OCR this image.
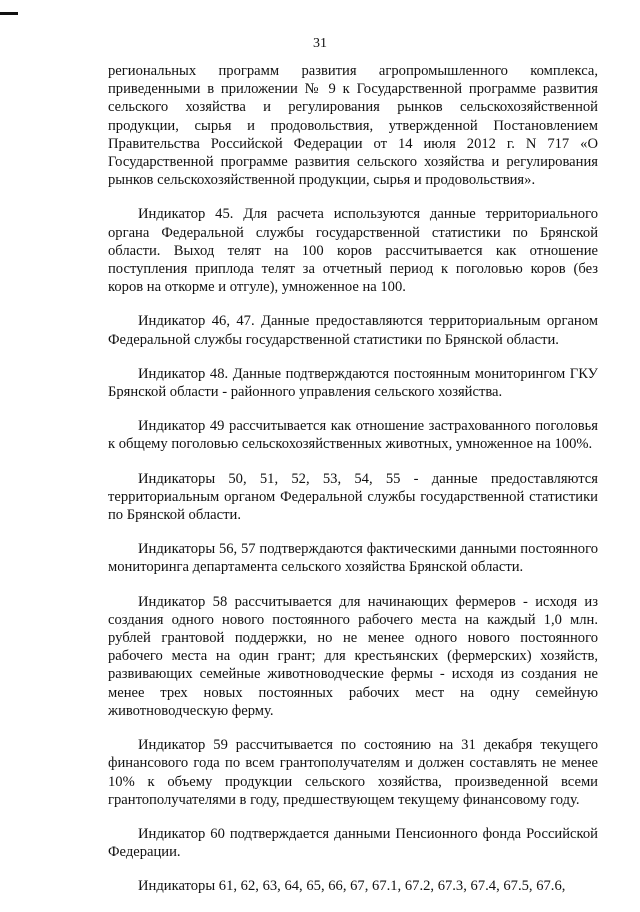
31

региональных программ развития агропромышленного комплекса, приведенными в приложении № 9 к Государственной программе развития сельского хозяйства и регулирования рынков сельскохозяйственной продукции, сырья и продовольствия, утвержденной Постановлением Правительства Российской Федерации от 14 июля 2012 г. N 717 «О Государственной программе развития сельского хозяйства и регулирования рынков сельскохозяйственной продукции, сырья и продовольствия».

Индикатор 45. Для расчета используются данные территориального органа Федеральной службы государственной статистики по Брянской области. Выход телят на 100 коров рассчитывается как отношение поступления приплода телят за отчетный период к поголовью коров (без коров на откорме и отгуле), умноженное на 100.

Индикатор 46, 47. Данные предоставляются территориальным органом Федеральной службы государственной статистики по Брянской области.

Индикатор 48. Данные подтверждаются постоянным мониторингом ГКУ Брянской области - районного управления сельского хозяйства.

Индикатор 49 рассчитывается как отношение застрахованного поголовья к общему поголовью сельскохозяйственных животных, умноженное на 100%.

Индикаторы 50, 51, 52, 53, 54, 55 - данные предоставляются территориальным органом Федеральной службы государственной статистики по Брянской области.

Индикаторы 56, 57 подтверждаются фактическими данными постоянного мониторинга департамента сельского хозяйства Брянской области.

Индикатор 58 рассчитывается для начинающих фермеров - исходя из создания одного нового постоянного рабочего места на каждый 1,0 млн. рублей грантовой поддержки, но не менее одного нового постоянного рабочего места на один грант; для крестьянских (фермерских) хозяйств, развивающих семейные животноводческие фермы - исходя из создания не менее трех новых постоянных рабочих мест на одну семейную животноводческую ферму.

Индикатор 59 рассчитывается по состоянию на 31 декабря текущего финансового года по всем грантополучателям и должен составлять не менее 10% к объему продукции сельского хозяйства, произведенной всеми грантополучателями в году, предшествующем текущему финансовому году.

Индикатор 60 подтверждается данными Пенсионного фонда Российской Федерации.

Индикаторы 61, 62, 63, 64, 65, 66, 67, 67.1, 67.2, 67.3, 67.4, 67.5, 67.6,
